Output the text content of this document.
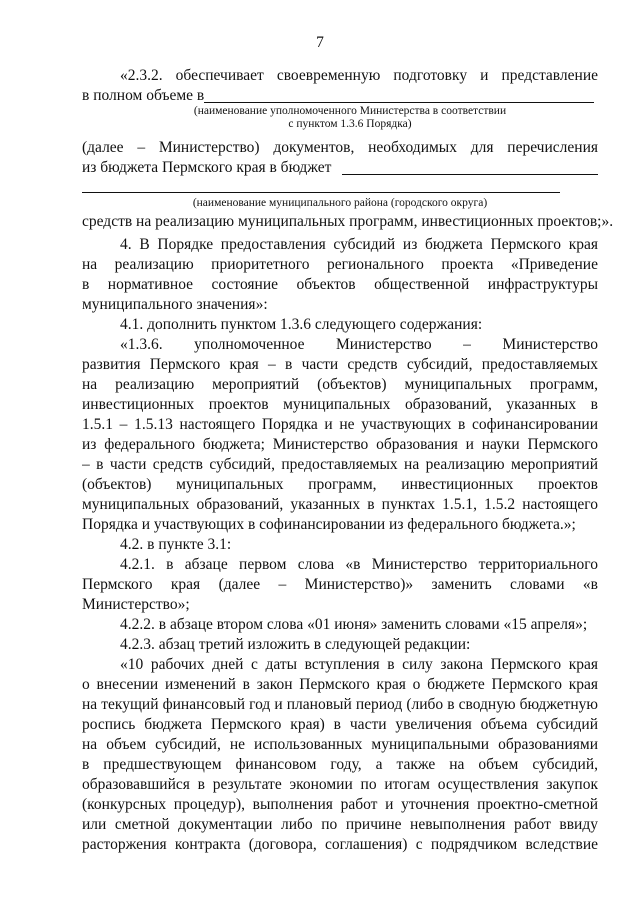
7
«2.3.2. обеспечивает своевременную подготовку и представление
в полном объеме в
(наименование уполномоченного Министерства в соответствии
с пунктом 1.3.6 Порядка)
(далее – Министерство) документов, необходимых для перечисления
из бюджета Пермского края в бюджет
(наименование муниципального района (городского округа)
средств на реализацию муниципальных программ, инвестиционных проектов;».
4. В Порядке предоставления субсидий из бюджета Пермского края
на реализацию приоритетного регионального проекта «Приведение
в нормативное состояние объектов общественной инфраструктуры
муниципального значения»:
4.1. дополнить пунктом 1.3.6 следующего содержания:
«1.3.6. уполномоченное Министерство – Министерство
развития Пермского края – в части средств субсидий, предоставляемых
на реализацию мероприятий (объектов) муниципальных программ,
инвестиционных проектов муниципальных образований, указанных в
1.5.1 – 1.5.13 настоящего Порядка и не участвующих в софинансировании
из федерального бюджета; Министерство образования и науки Пермского
– в части средств субсидий, предоставляемых на реализацию мероприятий
(объектов) муниципальных программ, инвестиционных проектов
муниципальных образований, указанных в пунктах 1.5.1, 1.5.2 настоящего
Порядка и участвующих в софинансировании из федерального бюджета.»;
4.2. в пункте 3.1:
4.2.1. в абзаце первом слова «в Министерство территориального
Пермского края (далее – Министерство)» заменить словами «в
Министерство»;
4.2.2. в абзаце втором слова «01 июня» заменить словами «15 апреля»;
4.2.3. абзац третий изложить в следующей редакции:
«10 рабочих дней с даты вступления в силу закона Пермского края
о внесении изменений в закон Пермского края о бюджете Пермского края
на текущий финансовый год и плановый период (либо в сводную бюджетную
роспись бюджета Пермского края) в части увеличения объема субсидий
на объем субсидий, не использованных муниципальными образованиями
в предшествующем финансовом году, а также на объем субсидий,
образовавшийся в результате экономии по итогам осуществления закупок
(конкурсных процедур), выполнения работ и уточнения проектно-сметной
или сметной документации либо по причине невыполнения работ ввиду
расторжения контракта (договора, соглашения) с подрядчиком вследствие
